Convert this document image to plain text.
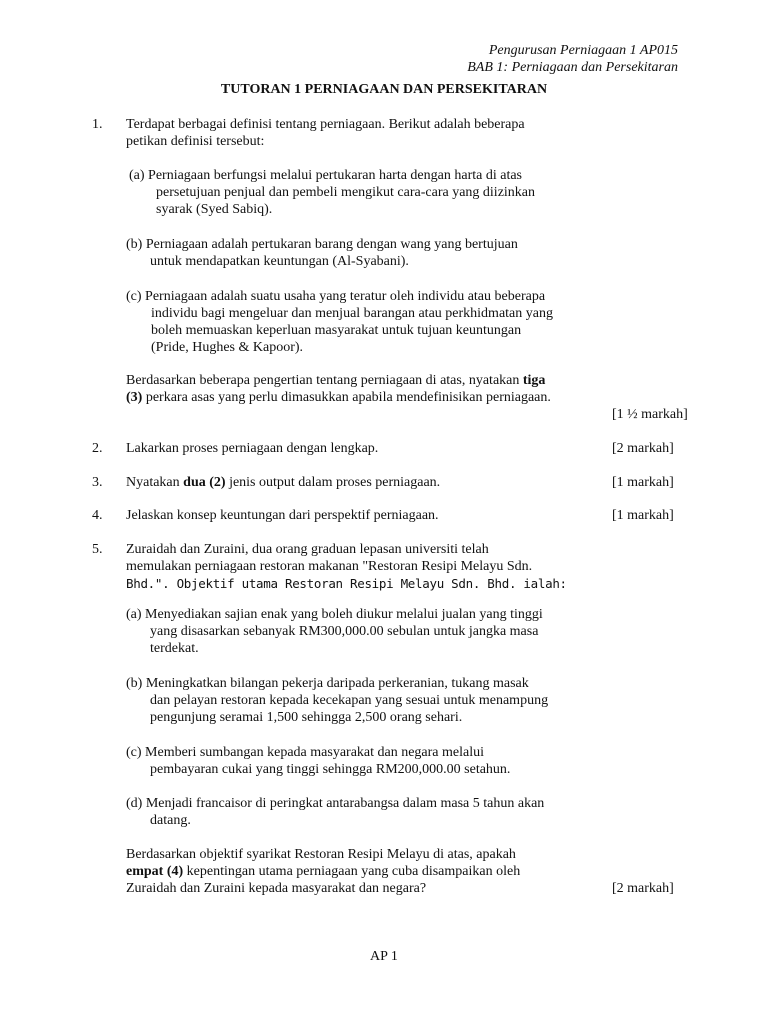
Pengurusan Perniagaan 1 AP015
BAB 1: Perniagaan dan Persekitaran
TUTORAN 1 PERNIAGAAN DAN PERSEKITARAN
1. Terdapat berbagai definisi tentang perniagaan. Berikut adalah beberapa
petikan definisi tersebut:
(a) Perniagaan berfungsi melalui pertukaran harta dengan harta di atas
persetujuan penjual dan pembeli mengikut cara-cara yang diizinkan
syarak (Syed Sabiq).
(b) Perniagaan adalah pertukaran barang dengan wang yang bertujuan
untuk mendapatkan keuntungan (Al-Syabani).
(c) Perniagaan adalah suatu usaha yang teratur oleh individu atau beberapa
individu bagi mengeluar dan menjual barangan atau perkhidmatan yang
boleh memuaskan keperluan masyarakat untuk tujuan keuntungan
(Pride, Hughes & Kapoor).
Berdasarkan beberapa pengertian tentang perniagaan di atas, nyatakan tiga
(3) perkara asas yang perlu dimasukkan apabila mendefinisikan perniagaan.
[1 ½ markah]
2. Lakarkan proses perniagaan dengan lengkap.	[2 markah]
3. Nyatakan dua (2) jenis output dalam proses perniagaan.	[1 markah]
4. Jelaskan konsep keuntungan dari perspektif perniagaan.	[1 markah]
5. Zuraidah dan Zuraini, dua orang graduan lepasan universiti telah
memulakan perniagaan restoran makanan "Restoran Resipi Melayu Sdn.
Bhd.". Objektif utama Restoran Resipi Melayu Sdn. Bhd. ialah:
(a) Menyediakan sajian enak yang boleh diukur melalui jualan yang tinggi
yang disasarkan sebanyak RM300,000.00 sebulan untuk jangka masa
terdekat.
(b) Meningkatkan bilangan pekerja daripada perkeranian, tukang masak
dan pelayan restoran kepada kecekapan yang sesuai untuk menampung
pengunjung seramai 1,500 sehingga 2,500 orang sehari.
(c) Memberi sumbangan kepada masyarakat dan negara melalui
pembayaran cukai yang tinggi sehingga RM200,000.00 setahun.
(d) Menjadi francaisor di peringkat antarabangsa dalam masa 5 tahun akan
datang.
Berdasarkan objektif syarikat Restoran Resipi Melayu di atas, apakah
empat (4) kepentingan utama perniagaan yang cuba disampaikan oleh
Zuraidah dan Zuraini kepada masyarakat dan negara?	[2 markah]
AP 1
